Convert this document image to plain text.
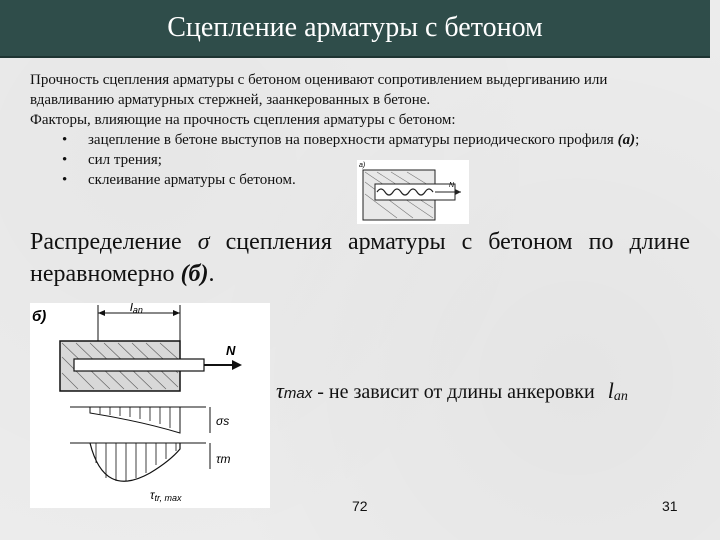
Сцепление арматуры с бетоном

Прочность сцепления арматуры с бетоном оценивают сопротивлением выдергиванию или вдавливанию арматурных стержней, заанкерованных в бетоне.

Факторы, влияющие на прочность сцепления арматуры с бетоном:

• зацепление в бетоне выступов на поверхности арматуры периодического профиля (а);
• сил трения;
• склеивание арматуры с бетоном.
а)
N
Распределение σ сцепления арматуры с бетоном по длине неравномерно (б).
б)
lan
N
σs
τm
τtr, max
τmax - не зависит от длины анкеровки lan
72	31
